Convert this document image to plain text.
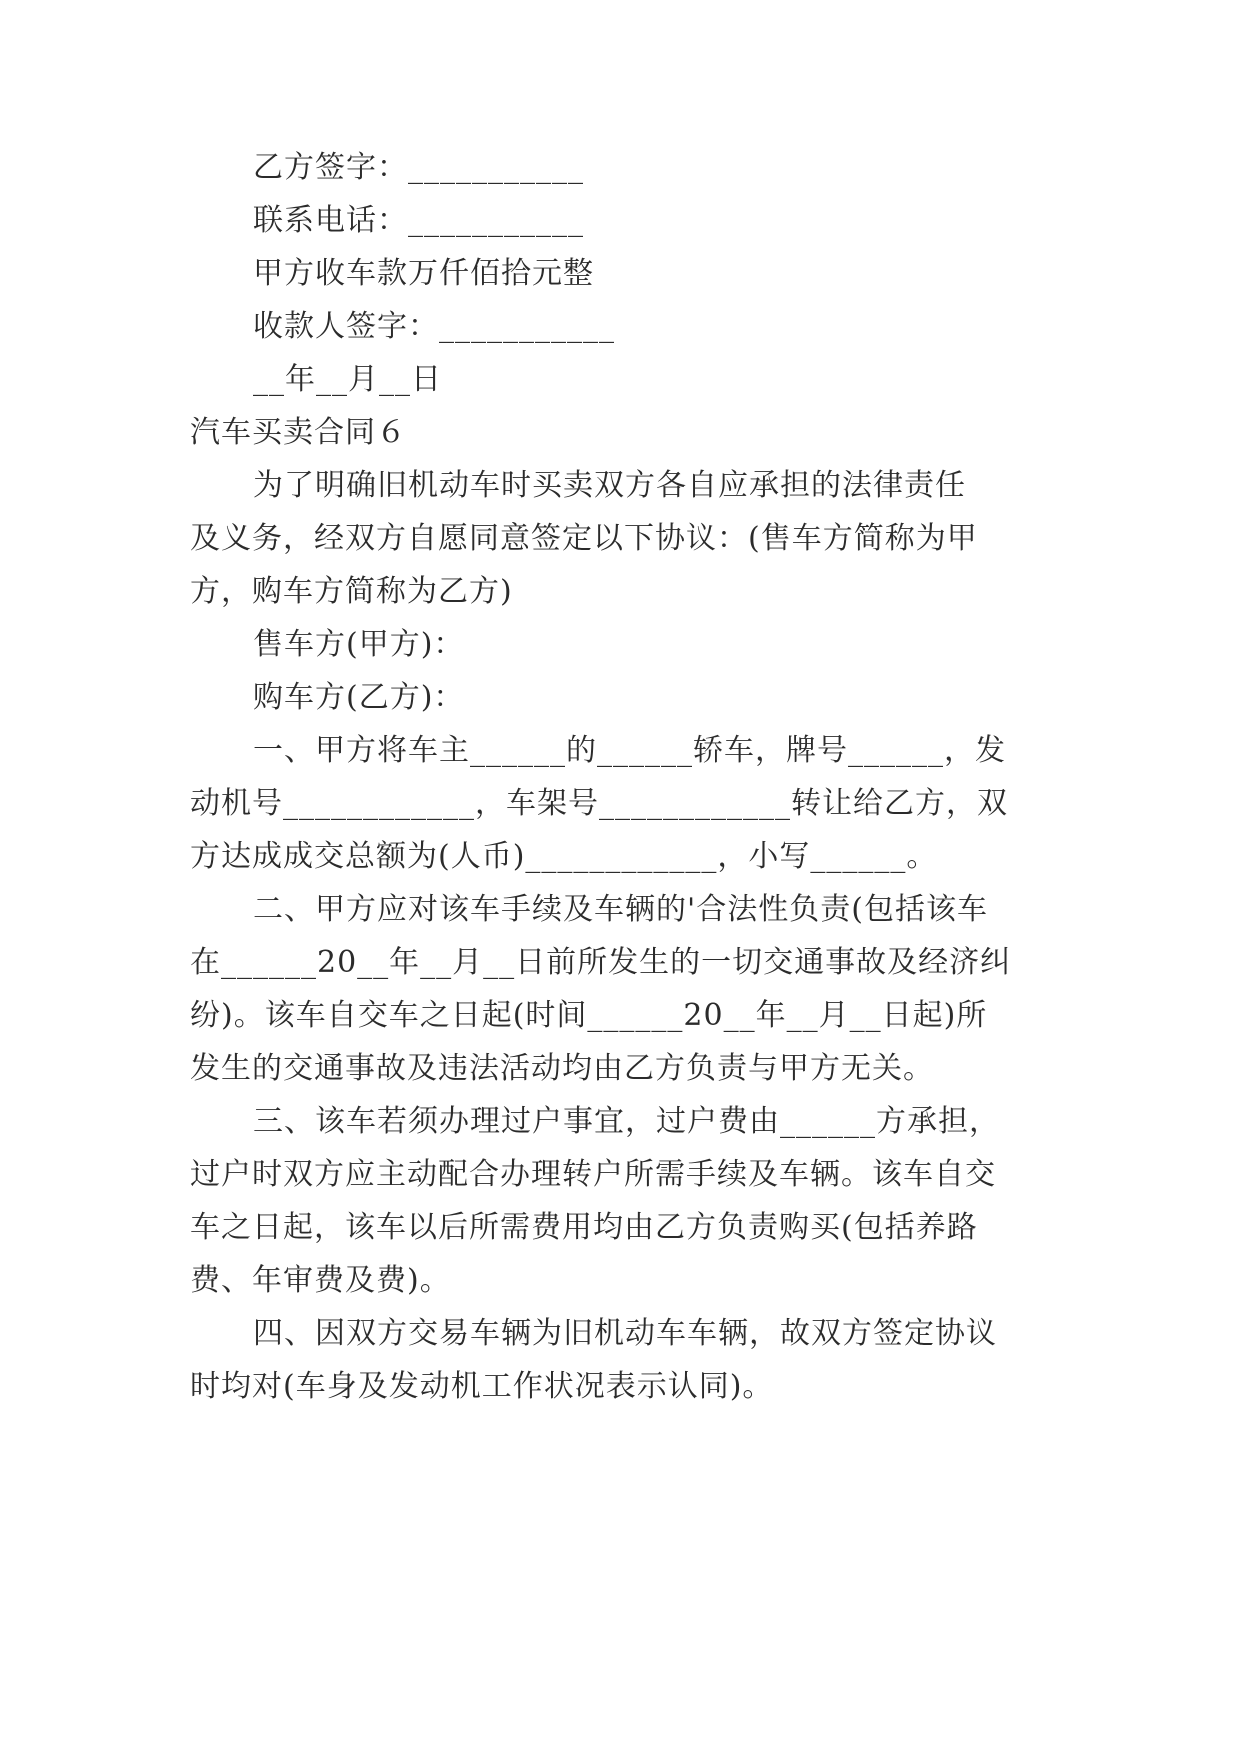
乙方签字：___________
联系电话：___________
甲方收车款万仟佰拾元整
收款人签字：___________
__年__月__日
汽车买卖合同６
为了明确旧机动车时买卖双方各自应承担的法律责任
及义务，经双方自愿同意签定以下协议：(售车方简称为甲
方，购车方简称为乙方)
售车方(甲方)：
购车方(乙方)：
一、甲方将车主______的______轿车，牌号______，发
动机号____________，车架号____________转让给乙方，双
方达成成交总额为(人币)____________，小写______。
二、甲方应对该车手续及车辆的'合法性负责(包括该车
在______20__年__月__日前所发生的一切交通事故及经济纠
纷)。该车自交车之日起(时间______20__年__月__日起)所
发生的交通事故及违法活动均由乙方负责与甲方无关。
三、该车若须办理过户事宜，过户费由______方承担，
过户时双方应主动配合办理转户所需手续及车辆。该车自交
车之日起，该车以后所需费用均由乙方负责购买(包括养路
费、年审费及费)。
四、因双方交易车辆为旧机动车车辆，故双方签定协议
时均对(车身及发动机工作状况表示认同)。
